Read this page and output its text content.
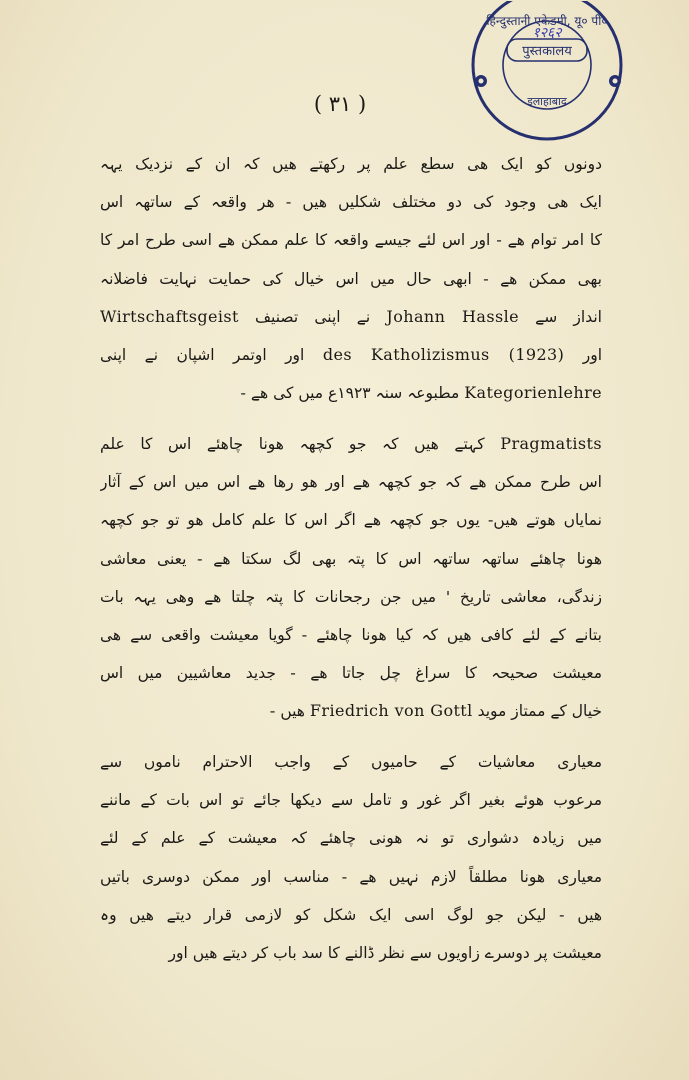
हिन्दुस्तानी एकेडमी, यू० पी०
१२६२
पुस्तकालय
इलाहाबाद
( ۳۱ )
دونوں کو ایک ھی سطع علم پر رکھتے ھیں کہ ان کے نزدیک یہہ
ایک ھی وجود کی دو مختلف شکلیں ھیں - ھر واقعہ کے ساتھہ اس
کا امر توام ھے - اور اس لئے جیسے واقعہ کا علم ممکن ھے اسی طرح امر کا
بھی ممکن ھے - ابھی حال میں اس خیال کی حمایت نہایت فاضلانہ
انداز سے Johann Hassle نے اپنی تصنیف Wirtschaftsgeist
اور des Katholizismus (1923) اور اوتمر اشپان نے اپنی
Kategorienlehre مطبوعہ سنہ ۱۹۲۳ع میں کی ھے -
Pragmatists کہتے ھیں کہ جو کچھہ ھونا چاھئے اس کا علم
اس طرح ممکن ھے کہ جو کچھہ ھے اور ھو رھا ھے اس میں اس کے آثار
نمایاں ھوتے ھیں- یوں جو کچھہ ھے اگر اس کا علم کامل ھو تو جو کچھہ
ھونا چاھئے ساتھہ ساتھہ اس کا پتہ بھی لگ سکتا ھے - یعنی معاشی
زندگی، معاشی تاریخ ' میں جن رجحانات کا پتہ چلتا ھے وھی یہہ بات
بتانے کے لئے کافی ھیں کہ کیا ھونا چاھئے - گویا معیشت واقعی سے ھی
معیشت صحیحہ کا سراغ چل جاتا ھے - جدید معاشیین میں اس
خیال کے ممتاز موید Friedrich von Gottl ھیں -
معیاری معاشیات کے حامیوں کے واجب الاحترام ناموں سے
مرعوب ھوئے بغیر اگر غور و تامل سے دیکھا جائے تو اس بات کے ماننے
میں زیادہ دشواری تو نہ ھونی چاھئے کہ معیشت کے علم کے لئے
معیاری ھونا مطلقاً لازم نہیں ھے - مناسب اور ممکن دوسری باتیں
ھیں - لیکن جو لوگ اسی ایک شکل کو لازمی قرار دیتے ھیں وہ
معیشت پر دوسرے زاویوں سے نظر ڈالنے کا سد باب کر دیتے ھیں اور
